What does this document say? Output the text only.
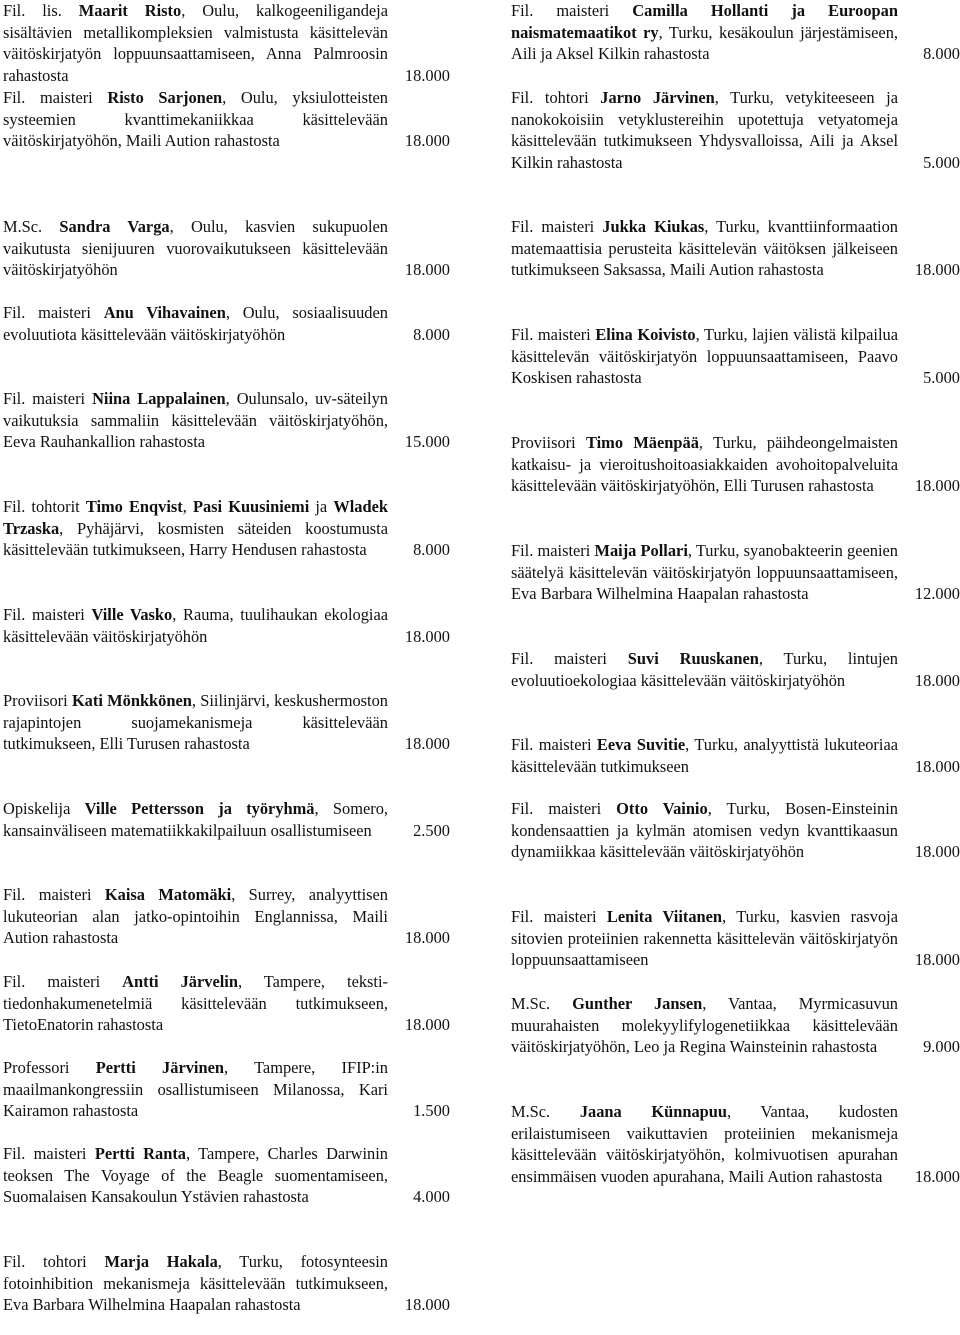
Fil. lis. Maarit Risto, Oulu, kalkogeeniligandeja sisältävien metallikompleksien valmistusta käsittelevän väitöskirjatyön loppuunsaattamiseen, Anna Palmroosin rahastosta	18.000

Fil. maisteri Risto Sarjonen, Oulu, yksiulotteisten systeemien kvanttimekaniikkaa käsittelevään väitöskirjatyöhön, Maili Aution rahastosta	18.000

M.Sc. Sandra Varga, Oulu, kasvien sukupuolen vaikutusta sienijuuren vuorovaikutukseen käsittelevään väitöskirjatyöhön	18.000

Fil. maisteri Anu Vihavainen, Oulu, sosiaalisuuden evoluutiota käsittelevään väitöskirjatyöhön	8.000

Fil. maisteri Niina Lappalainen, Oulunsalo, uv-säteilyn vaikutuksia sammaliin käsittelevään väitöskirjatyöhön, Eeva Rauhankallion rahastosta	15.000

Fil. tohtorit Timo Enqvist, Pasi Kuusiniemi ja Wladek Trzaska, Pyhäjärvi, kosmisten säteiden koostumusta käsittelevään tutkimukseen, Harry Hendusen rahastosta	8.000

Fil. maisteri Ville Vasko, Rauma, tuulihaukan ekologiaa käsittelevään väitöskirjatyöhön	18.000

Proviisori Kati Mönkkönen, Siilinjärvi, keskushermoston rajapintojen suojamekanismeja käsittelevään tutkimukseen, Elli Turusen rahastosta	18.000

Opiskelija Ville Pettersson ja työryhmä, Somero, kansainväliseen matematiikkakilpailuun osallistumiseen	2.500

Fil. maisteri Kaisa Matomäki, Surrey, analyyttisen lukuteorian alan jatko-opintoihin Englannissa, Maili Aution rahastosta	18.000

Fil. maisteri Antti Järvelin, Tampere, tekstitiedonhakumenetelmiä käsittelevään tutkimukseen, TietoEnatorin rahastosta	18.000

Professori Pertti Järvinen, Tampere, IFIP:in maailmankongressiin osallistumiseen Milanossa, Kari Kairamon rahastosta	1.500

Fil. maisteri Pertti Ranta, Tampere, Charles Darwinin teoksen The Voyage of the Beagle suomentamiseen, Suomalaisen Kansakoulun Ystävien rahastosta	4.000

Fil. tohtori Marja Hakala, Turku, fotosynteesin fotoinhibition mekanismeja käsittelevään tutkimukseen, Eva Barbara Wilhelmina Haapalan rahastosta	18.000

Fil. maisteri Camilla Hollanti ja Euroopan naismatemaatikot ry, Turku, kesäkoulun järjestämiseen, Aili ja Aksel Kilkin rahastosta	8.000

Fil. tohtori Jarno Järvinen, Turku, vetykiteeseen ja nanokokoisiin vetyklustereihin upotettuja vetyatomeja käsittelevään tutkimukseen Yhdysvalloissa, Aili ja Aksel Kilkin rahastosta	5.000

Fil. maisteri Jukka Kiukas, Turku, kvanttiinformaation matemaattisia perusteita käsittelevän väitöksen jälkeiseen tutkimukseen Saksassa, Maili Aution rahastosta	18.000

Fil. maisteri Elina Koivisto, Turku, lajien välistä kilpailua käsittelevän väitöskirjatyön loppuunsaattamiseen, Paavo Koskisen rahastosta	5.000

Proviisori Timo Mäenpää, Turku, päihdeongelmaisten katkaisu- ja vieroitushoitoasiakkaiden avohoitopalveluita käsittelevään väitöskirjatyöhön, Elli Turusen rahastosta	18.000

Fil. maisteri Maija Pollari, Turku, syanobakteerin geenien säätelyä käsittelevän väitöskirjatyön loppuunsaattamiseen, Eva Barbara Wilhelmina Haapalan rahastosta	12.000

Fil. maisteri Suvi Ruuskanen, Turku, lintujen evoluutioekologiaa käsittelevään väitöskirjatyöhön	18.000

Fil. maisteri Eeva Suvitie, Turku, analyyttistä lukuteoriaa käsittelevään tutkimukseen	18.000

Fil. maisteri Otto Vainio, Turku, Bosen-Einsteinin kondensaattien ja kylmän atomisen vedyn kvanttikaasun dynamiikkaa käsittelevään väitöskirjatyöhön	18.000

Fil. maisteri Lenita Viitanen, Turku, kasvien rasvoja sitovien proteiinien rakennetta käsittelevän väitöskirjatyön loppuunsaattamiseen	18.000

M.Sc. Gunther Jansen, Vantaa, Myrmicasuvun muurahaisten molekyylifylogenetiikkaa käsittelevään väitöskirjatyöhön, Leo ja Regina Wainsteinin rahastosta	9.000

M.Sc. Jaana Künnapuu, Vantaa, kudosten erilaistumiseen vaikuttavien proteiinien mekanismeja käsittelevään väitöskirjatyöhön, kolmivuotisen apurahan ensimmäisen vuoden apurahana, Maili Aution rahastosta	18.000
